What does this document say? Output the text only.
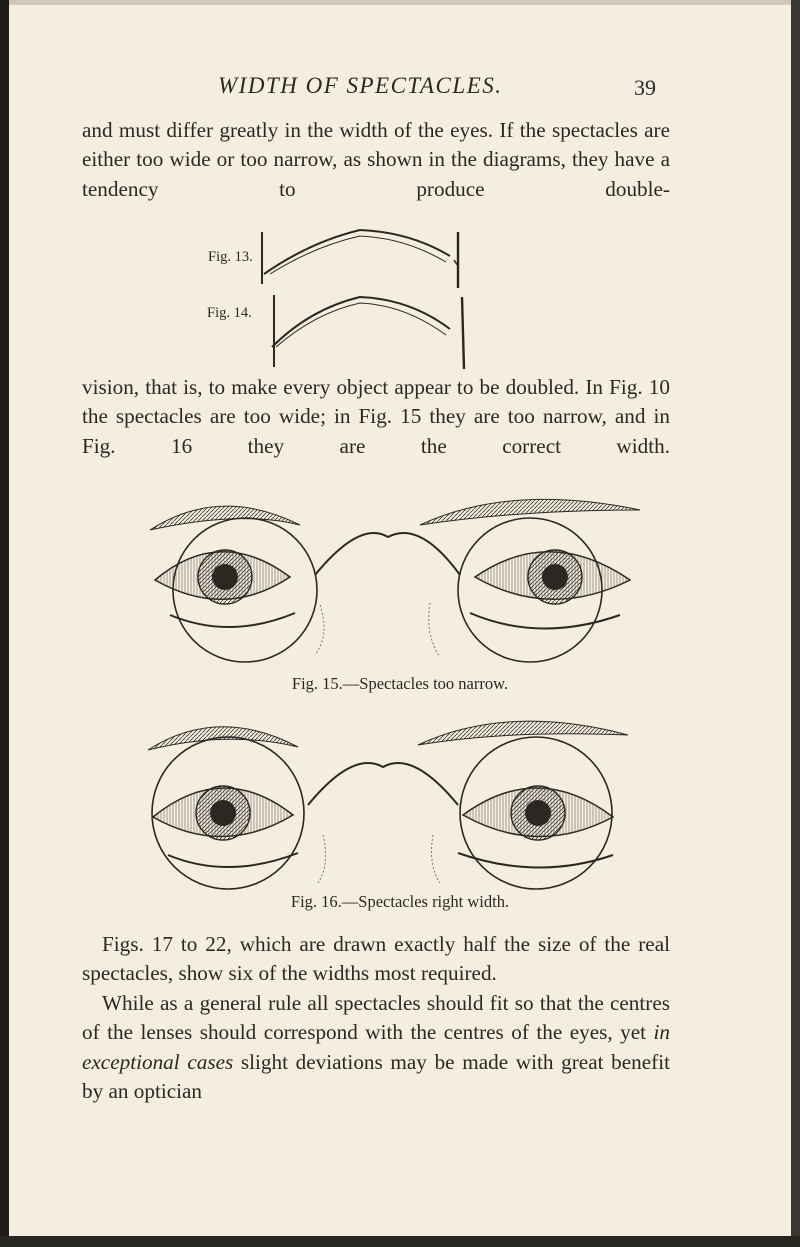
WIDTH OF SPECTACLES.	39

and must differ greatly in the width of the eyes. If the spectacles are either too wide or too narrow, as shown in the diagrams, they have a tendency to produce double-

Fig. 13.
Fig. 14.

vision, that is, to make every object appear to be doubled. In Fig. 10 the spectacles are too wide; in Fig. 15 they are too narrow, and in Fig. 16 they are the correct width.

Fig. 15.—Spectacles too narrow.
Fig. 16.—Spectacles right width.

Figs. 17 to 22, which are drawn exactly half the size of the real spectacles, show six of the widths most required.

While as a general rule all spectacles should fit so that the centres of the lenses should correspond with the centres of the eyes, yet in exceptional cases slight deviations may be made with great benefit by an optician
